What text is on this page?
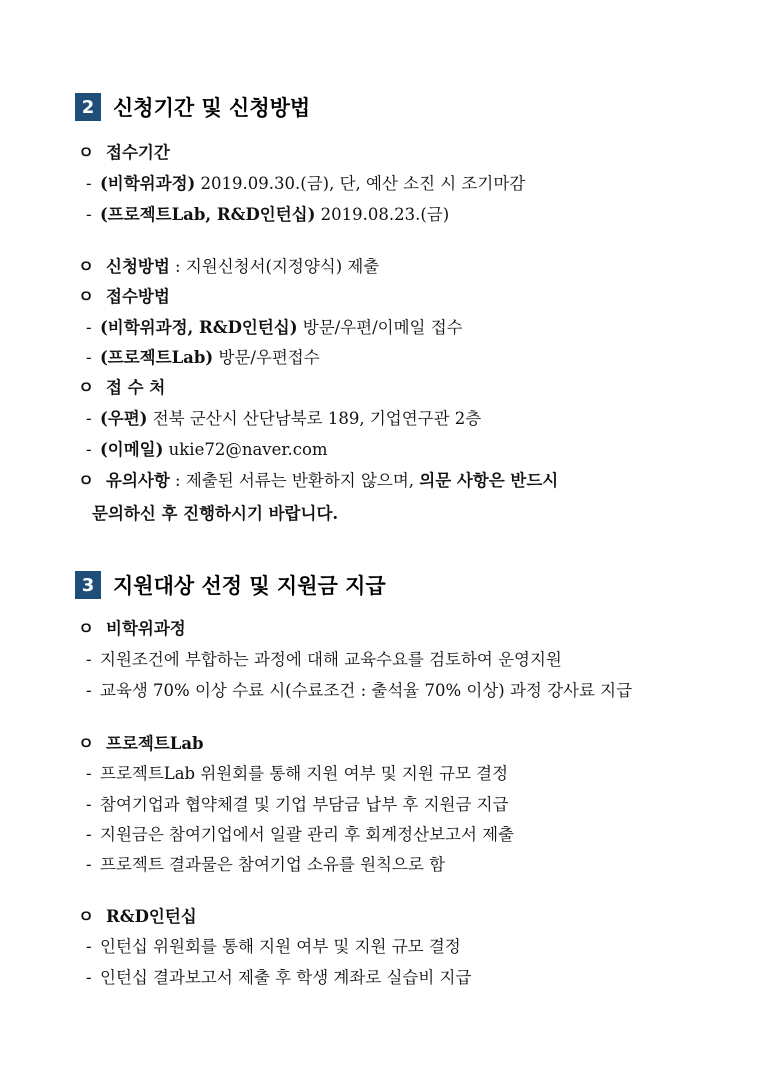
2 신청기간 및 신청방법
ㅇ 접수기간
- (비학위과정) 2019.09.30.(금), 단, 예산 소진 시 조기마감
- (프로젝트Lab, R&D인턴십) 2019.08.23.(금)
ㅇ 신청방법 : 지원신청서(지정양식) 제출
ㅇ 접수방법
- (비학위과정, R&D인턴십) 방문/우편/이메일 접수
- (프로젝트Lab) 방문/우편접수
ㅇ 접 수 처
- (우편) 전북 군산시 산단남북로 189, 기업연구관 2층
- (이메일) ukie72@naver.com
ㅇ 유의사항 : 제출된 서류는 반환하지 않으며, 의문 사항은 반드시
문의하신 후 진행하시기 바랍니다.
3 지원대상 선정 및 지원금 지급
ㅇ 비학위과정
- 지원조건에 부합하는 과정에 대해 교육수요를 검토하여 운영지원
- 교육생 70% 이상 수료 시(수료조건 : 출석율 70% 이상) 과정 강사료 지급
ㅇ 프로젝트Lab
- 프로젝트Lab 위원회를 통해 지원 여부 및 지원 규모 결정
- 참여기업과 협약체결 및 기업 부담금 납부 후 지원금 지급
- 지원금은 참여기업에서 일괄 관리 후 회계정산보고서 제출
- 프로젝트 결과물은 참여기업 소유를 원칙으로 함
ㅇ R&D인턴십
- 인턴십 위원회를 통해 지원 여부 및 지원 규모 결정
- 인턴십 결과보고서 제출 후 학생 계좌로 실습비 지급
